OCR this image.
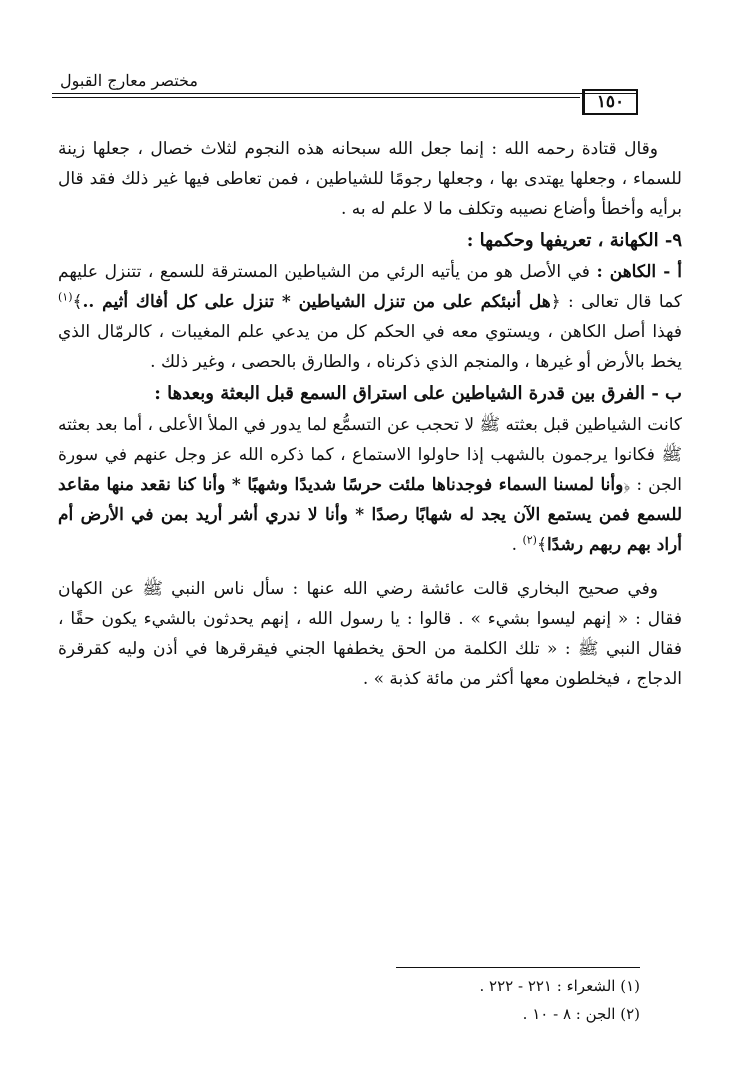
مختصر معارج القبول
١٥٠

وقال قتادة رحمه الله : إنما جعل الله سبحانه هذه النجوم لثلاث خصال ، جعلها زينة للسماء ، وجعلها يهتدى بها ، وجعلها رجومًا للشياطين ، فمن تعاطى فيها غير ذلك فقد قال برأيه وأخطأ وأضاع نصيبه وتكلف ما لا علم له به .

٩- الكهانة ، تعريفها وحكمها :

أ - الكاهن : في الأصل هو من يأتيه الرئي من الشياطين المسترقة للسمع ، تتنزل عليهم كما قال تعالى : ﴿هل أنبئكم على من تنزل الشياطين * تنزل على كل أفاك أثيم ..﴾$^{(١)}$ فهذا أصل الكاهن ، ويستوي معه في الحكم كل من يدعي علم المغيبات ، كالرمّال الذي يخط بالأرض أو غيرها ، والمنجم الذي ذكرناه ، والطارق بالحصى ، وغير ذلك .

ب - الفرق بين قدرة الشياطين على استراق السمع قبل البعثة وبعدها :

كانت الشياطين قبل بعثته ﷺ لا تحجب عن التسمُّع لما يدور في الملأ الأعلى ، أما بعد بعثته ﷺ فكانوا يرجمون بالشهب إذا حاولوا الاستماع ، كما ذكره الله عز وجل عنهم في سورة الجن : ﴿وأنا لمسنا السماء فوجدناها ملئت حرسًا شديدًا وشهبًا * وأنا كنا نقعد منها مقاعد للسمع فمن يستمع الآن يجد له شهابًا رصدًا * وأنا لا ندري أشر أريد بمن في الأرض أم أراد بهم ربهم رشدًا﴾$^{(٢)}$ .

وفي صحيح البخاري قالت عائشة رضي الله عنها : سأل ناس النبي ﷺ عن الكهان فقال : « إنهم ليسوا بشيء » . قالوا : يا رسول الله ، إنهم يحدثون بالشيء يكون حقًا ، فقال النبي ﷺ : « تلك الكلمة من الحق يخطفها الجني فيقرقرها في أذن وليه كقرقرة الدجاج ، فيخلطون معها أكثر من مائة كذبة » .

(١) الشعراء : ٢٢١ - ٢٢٢ .

(٢) الجن : ٨ - ١٠ .
